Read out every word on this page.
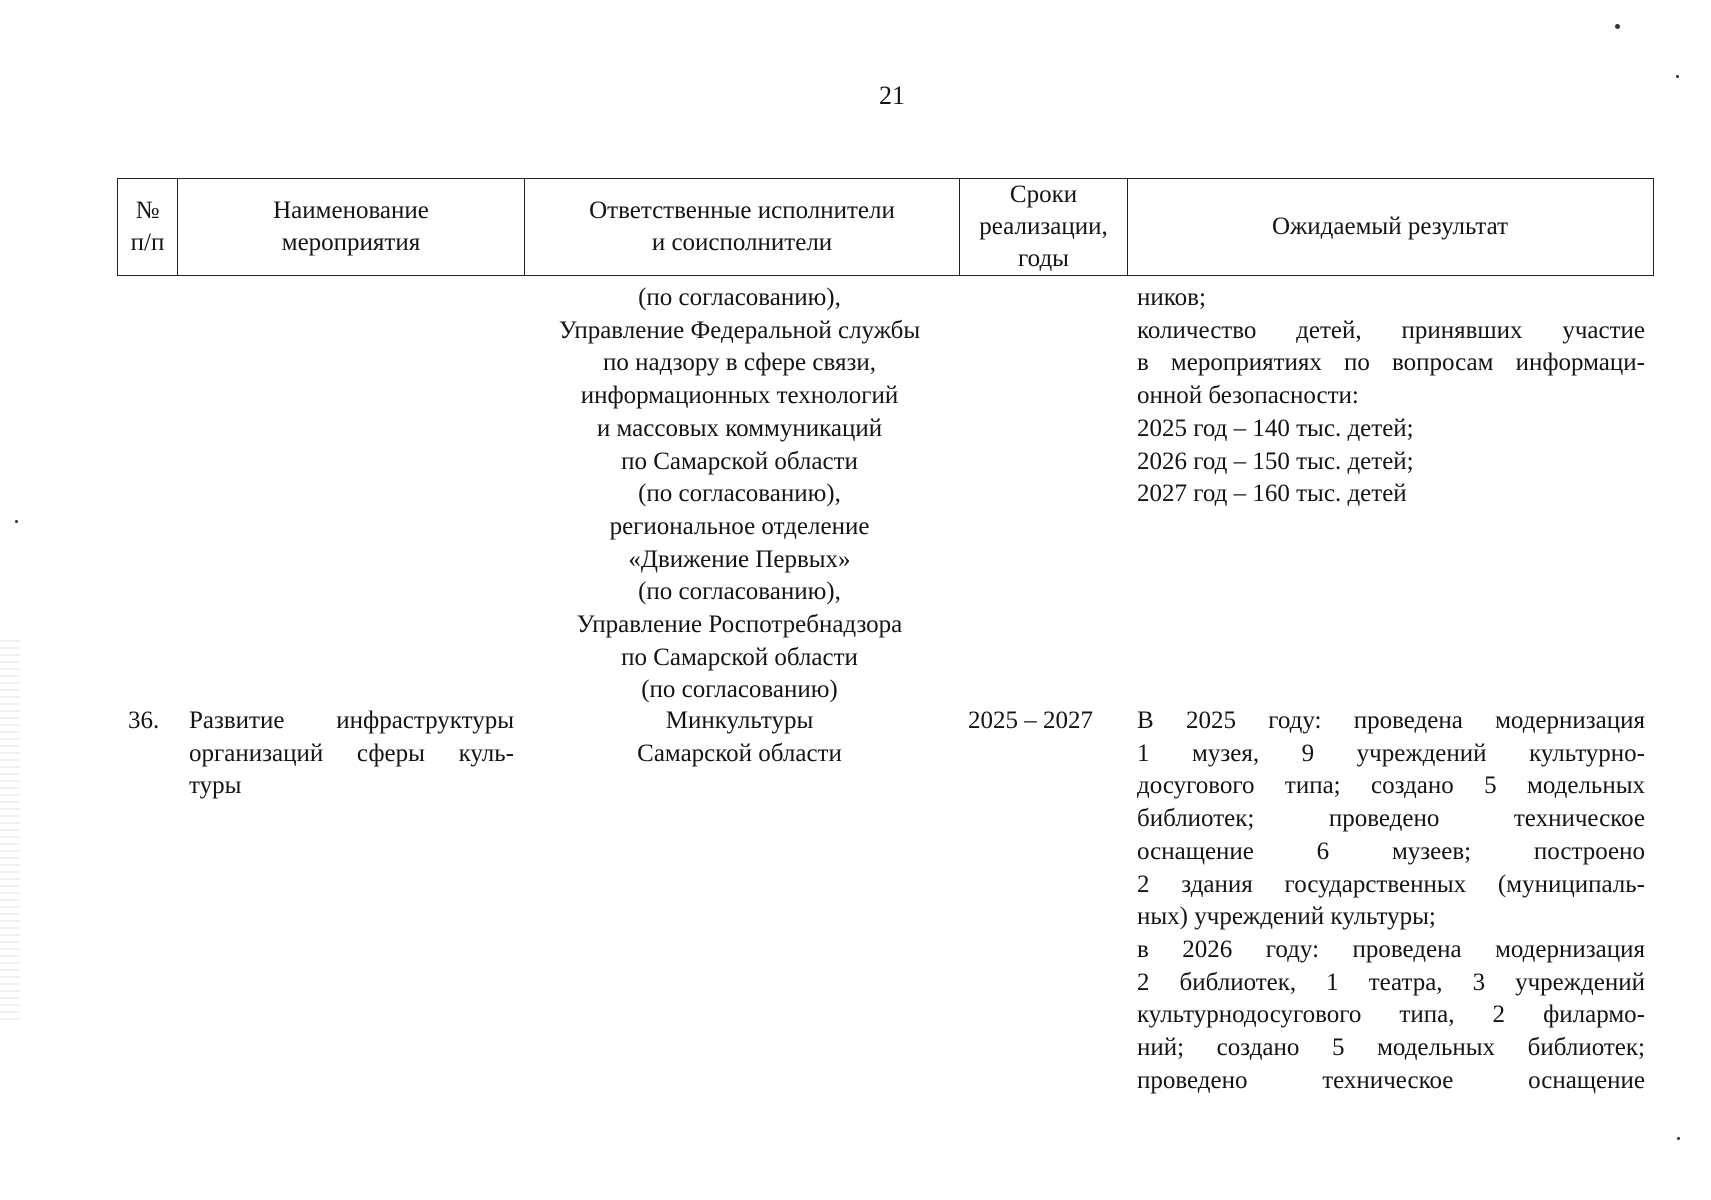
21
№
п/п
Наименование
мероприятия
Ответственные исполнители
и соисполнители
Сроки
реализации,
годы
Ожидаемый результат
(по согласованию),
Управление Федеральной службы
по надзору в сфере связи,
информационных технологий
и массовых коммуникаций
по Самарской области
(по согласованию),
региональное отделение
«Движение Первых»
(по согласованию),
Управление Роспотребнадзора
по Самарской области
(по согласованию)
ников;
количество детей, принявших участие
в мероприятиях по вопросам информаци-
онной безопасности:
2025 год – 140 тыс. детей;
2026 год – 150 тыс. детей;
2027 год – 160 тыс. детей
36. Развитие инфраструктуры
организаций сферы куль-
туры
Минкультуры
Самарской области
2025 – 2027 В 2025 году: проведена модернизация
1 музея, 9 учреждений культурно-
досугового типа; создано 5 модельных
библиотек; проведено техническое
оснащение 6 музеев; построено
2 здания государственных (муниципаль-
ных) учреждений культуры;
в 2026 году: проведена модернизация
2 библиотек, 1 театра, 3 учреждений
культурнодосугового типа, 2 филармо-
ний; создано 5 модельных библиотек;
проведено техническое оснащение
